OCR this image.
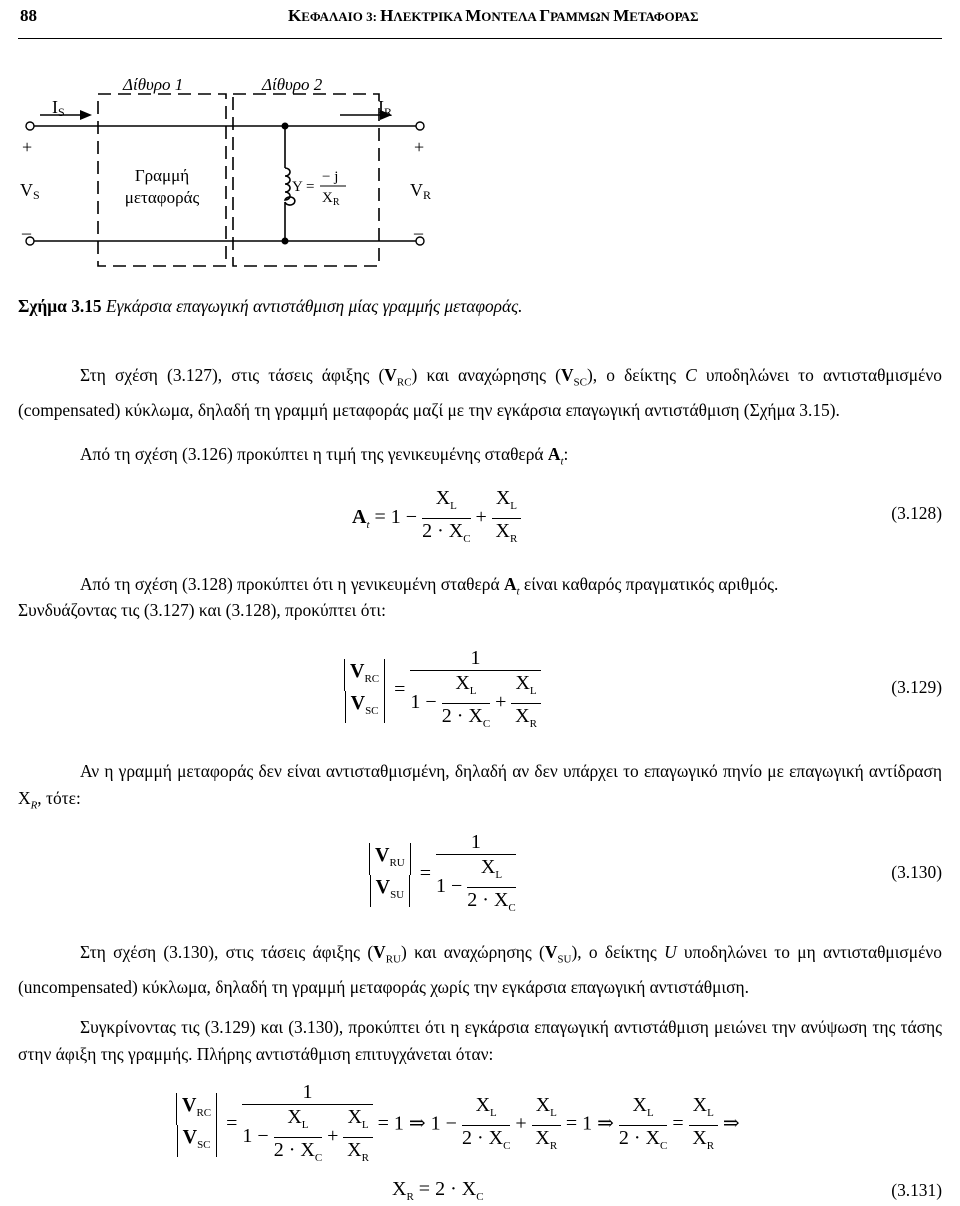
88	ΚΕΦΑΛΑΙΟ 3: ΗΛΕΚΤΡΙΚΑ ΜΟΝΤΕΛΑ ΓΡΑΜΜΩΝ ΜΕΤΑΦΟΡΑΣ
Δίθυρο 1	Δίθυρο 2
IS	IR
+	+
VS	VR
_	_
Γραμμή
μεταφοράς
Y =
− j
$X_R$
Σχήμα 3.15 Εγκάρσια επαγωγική αντιστάθμιση μίας γραμμής μεταφοράς.
Στη σχέση (3.127), στις τάσεις άφιξης $(V_{RC})$ και αναχώρησης $(V_{SC})$, ο δείκτης C υποδηλώνει το αντισταθμισμένο (compensated) κύκλωμα, δηλαδή τη γραμμή μεταφοράς μαζί με την εγκάρσια επαγωγική αντιστάθμιση (Σχήμα 3.15).
Από τη σχέση (3.126) προκύπτει η τιμή της γενικευμένης σταθερά $A_t$:
$A_t = 1 - \frac{X_L}{2 \cdot X_C} + \frac{X_L}{X_R}$	(3.128)
Από τη σχέση (3.128) προκύπτει ότι η γενικευμένη σταθερά $A_t$ είναι καθαρός πραγματικός αριθμός.
Συνδυάζοντας τις (3.127) και (3.128), προκύπτει ότι:
$V_{RC}$
$V_{SC}$
= $\frac{1}{1 - \frac{X_L}{2 \cdot X_C} + \frac{X_L}{X_R}}$	(3.129)
Αν η γραμμή μεταφοράς δεν είναι αντισταθμισμένη, δηλαδή αν δεν υπάρχει το επαγωγικό πηνίο με επαγωγική αντίδραση $X_R$, τότε:
$V_{RU}$
$V_{SU}$
= $\frac{1}{1 - \frac{X_L}{2 \cdot X_C}}$	(3.130)
Στη σχέση (3.130), στις τάσεις άφιξης $(V_{RU})$ και αναχώρησης $(V_{SU})$, ο δείκτης U υποδηλώνει το μη αντισταθμισμένο (uncompensated) κύκλωμα, δηλαδή τη γραμμή μεταφοράς χωρίς την εγκάρσια επαγωγική αντιστάθμιση.
Συγκρίνοντας τις (3.129) και (3.130), προκύπτει ότι η εγκάρσια επαγωγική αντιστάθμιση μειώνει την ανύψωση της τάσης στην άφιξη της γραμμής. Πλήρης αντιστάθμιση επιτυγχάνεται όταν:
$V_{RC}$
$V_{SC}$
= $\frac{1}{1 - \frac{X_L}{2 \cdot X_C} + \frac{X_L}{X_R}} = 1$ ⇒ $1 - \frac{X_L}{2 \cdot X_C} + \frac{X_L}{X_R} = 1$ ⇒ $\frac{X_L}{2 \cdot X_C} = \frac{X_L}{X_R}$ ⇒
$X_R = 2 \cdot X_C$	(3.131)
